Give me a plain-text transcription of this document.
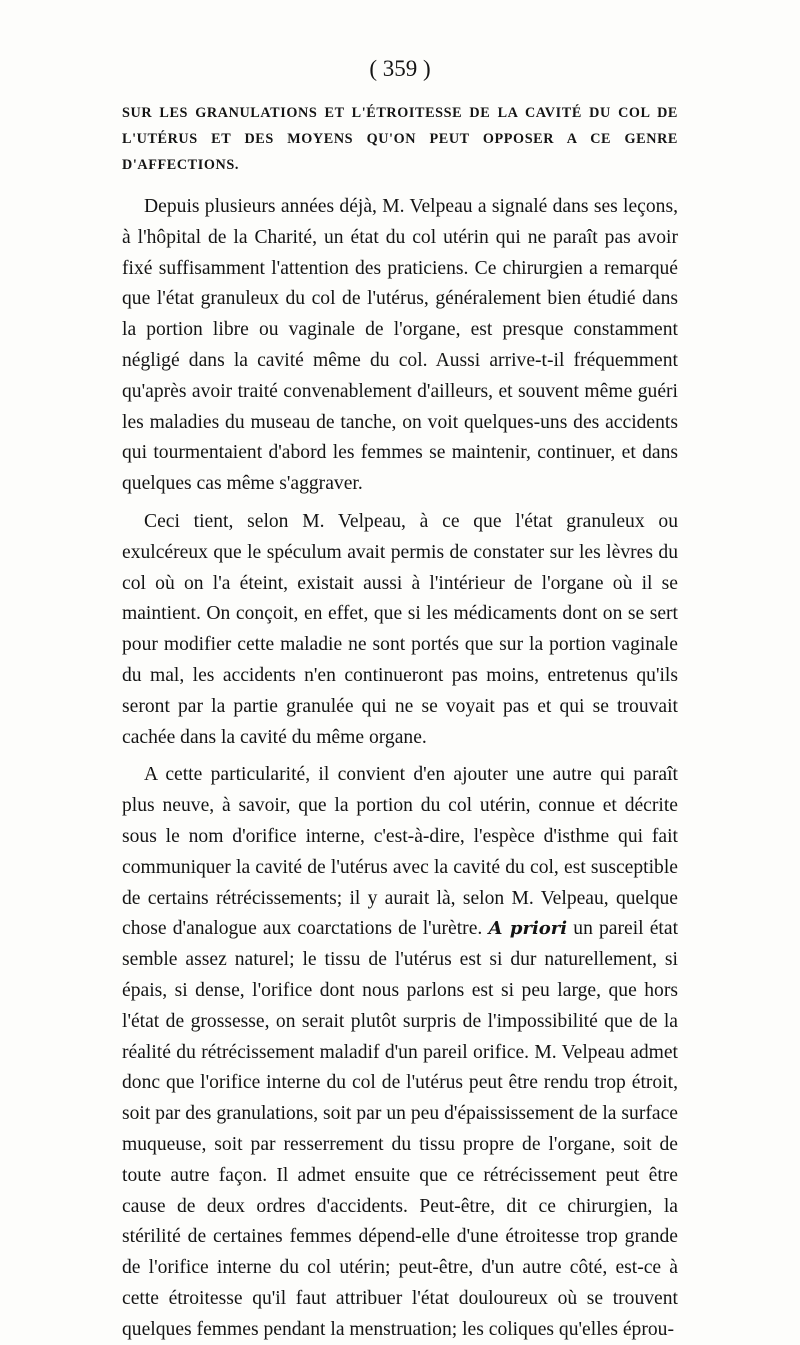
( 359 )
SUR LES GRANULATIONS ET L'ÉTROITESSE DE LA CAVITÉ DU COL DE L'UTÉRUS ET DES MOYENS QU'ON PEUT OPPOSER A CE GENRE D'AFFECTIONS.

Depuis plusieurs années déjà, M. Velpeau a signalé dans ses leçons, à l'hôpital de la Charité, un état du col utérin qui ne paraît pas avoir fixé suffisamment l'attention des praticiens. Ce chirurgien a remarqué que l'état granuleux du col de l'utérus, généralement bien étudié dans la portion libre ou vaginale de l'organe, est presque constamment négligé dans la cavité même du col. Aussi arrive-t-il fréquemment qu'après avoir traité convenablement d'ailleurs, et souvent même guéri les maladies du museau de tanche, on voit quelques-uns des accidents qui tourmentaient d'abord les femmes se maintenir, continuer, et dans quelques cas même s'aggraver.

Ceci tient, selon M. Velpeau, à ce que l'état granuleux ou exulcéreux que le spéculum avait permis de constater sur les lèvres du col où on l'a éteint, existait aussi à l'intérieur de l'organe où il se maintient. On conçoit, en effet, que si les médicaments dont on se sert pour modifier cette maladie ne sont portés que sur la portion vaginale du mal, les accidents n'en continueront pas moins, entretenus qu'ils seront par la partie granulée qui ne se voyait pas et qui se trouvait cachée dans la cavité du même organe.

A cette particularité, il convient d'en ajouter une autre qui paraît plus neuve, à savoir, que la portion du col utérin, connue et décrite sous le nom d'orifice interne, c'est-à-dire, l'espèce d'isthme qui fait communiquer la cavité de l'utérus avec la cavité du col, est susceptible de certains rétrécissements; il y aurait là, selon M. Velpeau, quelque chose d'analogue aux coarctations de l'urètre. A priori un pareil état semble assez naturel; le tissu de l'utérus est si dur naturellement, si épais, si dense, l'orifice dont nous parlons est si peu large, que hors l'état de grossesse, on serait plutôt surpris de l'impossibilité que de la réalité du rétrécissement maladif d'un pareil orifice. M. Velpeau admet donc que l'orifice interne du col de l'utérus peut être rendu trop étroit, soit par des granulations, soit par un peu d'épaississement de la surface muqueuse, soit par resserrement du tissu propre de l'organe, soit de toute autre façon. Il admet ensuite que ce rétrécissement peut être cause de deux ordres d'accidents. Peut-être, dit ce chirurgien, la stérilité de certaines femmes dépend-elle d'une étroitesse trop grande de l'orifice interne du col utérin; peut-être, d'un autre côté, est-ce à cette étroitesse qu'il faut attribuer l'état douloureux où se trouvent quelques femmes pendant la menstruation; les coliques qu'elles éprou-
